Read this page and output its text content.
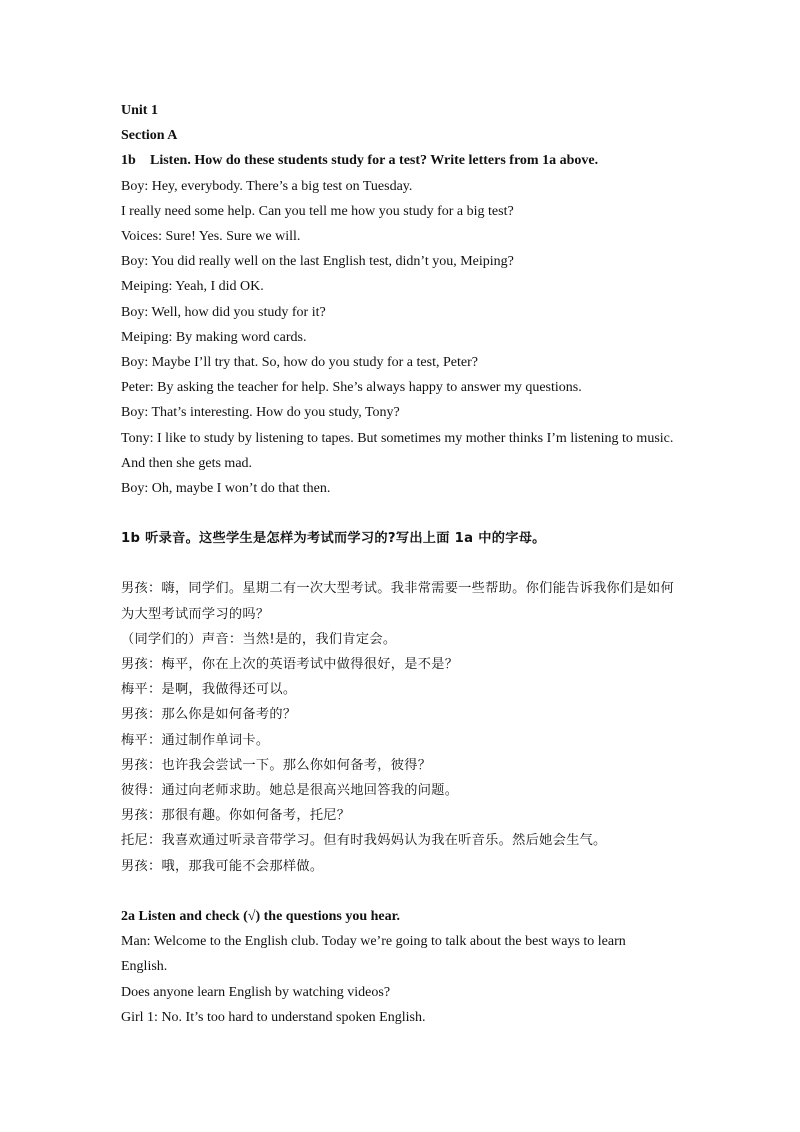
Unit 1
Section A
1b Listen. How do these students study for a test? Write letters from 1a above.
Boy: Hey, everybody. There’s a big test on Tuesday.
I really need some help. Can you tell me how you study for a big test?
Voices: Sure! Yes. Sure we will.
Boy: You did really well on the last English test, didn’t you, Meiping?
Meiping: Yeah, I did OK.
Boy: Well, how did you study for it?
Meiping: By making word cards.
Boy: Maybe I’ll try that. So, how do you study for a test, Peter?
Peter: By asking the teacher for help. She’s always happy to answer my questions.
Boy: That’s interesting. How do you study, Tony?
Tony: I like to study by listening to tapes. But sometimes my mother thinks I’m listening to music.
And then she gets mad.
Boy: Oh, maybe I won’t do that then.
1b 听录音。这些学生是怎样为考试而学习的?写出上面 1a 中的字母。
男孩：嗨，同学们。星期二有一次大型考试。我非常需要一些帮助。你们能告诉我你们是如何
为大型考试而学习的吗？
（同学们的）声音：当然!是的，我们肯定会。
男孩：梅平，你在上次的英语考试中做得很好，是不是？
梅平：是啊，我做得还可以。
男孩：那么你是如何备考的？
梅平：通过制作单词卡。
男孩：也许我会尝试一下。那么你如何备考，彼得？
彼得：通过向老师求助。她总是很高兴地回答我的问题。
男孩：那很有趣。你如何备考，托尼？
托尼：我喜欢通过听录音带学习。但有时我妈妈认为我在听音乐。然后她会生气。
男孩：哦，那我可能不会那样做。
2a Listen and check (√) the questions you hear.
Man: Welcome to the English club. Today we’re going to talk about the best ways to learn
English.
Does anyone learn English by watching videos?
Girl 1: No. It’s too hard to understand spoken English.
